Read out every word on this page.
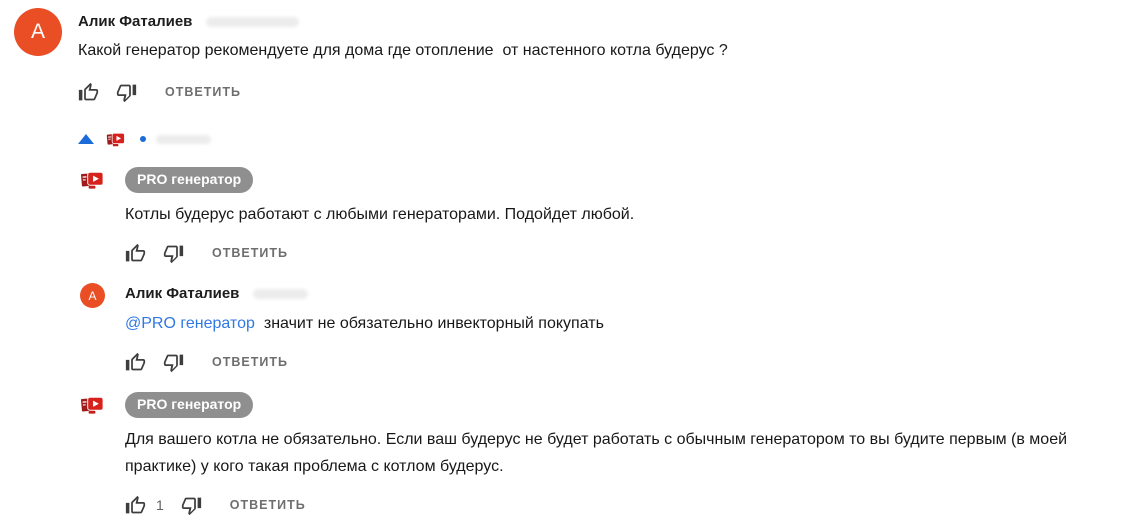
A	Алик Фаталиев
Какой генератор рекомендуете для дома где отопление  от настенного котла будерус ?
ОТВЕТИТЬ
PRO генератор
Котлы будерус работают с любыми генераторами. Подойдет любой.
ОТВЕТИТЬ
A	Алик Фаталиев
@PRO генератор значит не обязательно инвекторный покупать
ОТВЕТИТЬ
PRO генератор
Для вашего котла не обязательно. Если ваш будерус не будет работать с обычным генератором то вы будите первым (в моей практике) у кого такая проблема с котлом будерус.
1	ОТВЕТИТЬ
